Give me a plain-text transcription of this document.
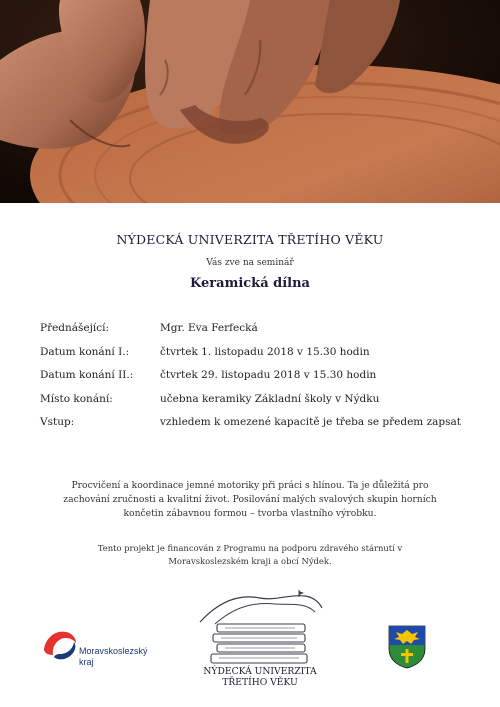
NÝDECKÁ UNIVERZITA TŘETÍHO VĚKU
Vás zve na seminář
Keramická dílna
Přednášející:	Mgr. Eva Ferfecká
Datum konání I.:	čtvrtek 1. listopadu 2018 v 15.30 hodin
Datum konání II.:	čtvrtek 29. listopadu 2018 v 15.30 hodin
Místo konání:	učebna keramiky Základní školy v Nýdku
Vstup:	vzhledem k omezené kapacitě je třeba se předem zapsat
Procvičení a koordinace jemné motoriky při práci s hlínou. Ta je důležitá pro
zachování zručnosti a kvalitní život. Posilování malých svalových skupin horních
končetin zábavnou formou – tvorba vlastního výrobku.
Tento projekt je financován z Programu na podporu zdravého stárnutí v
Moravskoslezském kraji a obcí Nýdek.
Moravskoslezský
kraj
NÝDECKÁ UNIVERZITA
TŘETÍHO VĚKU
